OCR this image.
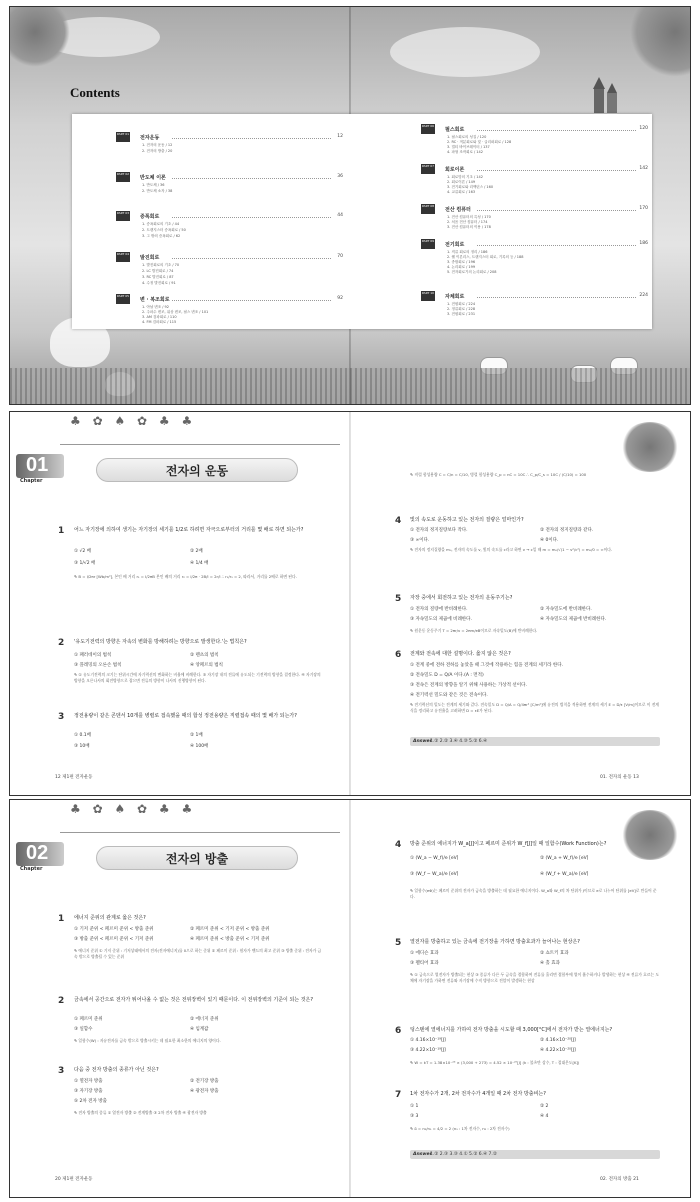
Contents
PART 01
전자운동	12
1. 전자의 운동 / 12
2. 전자의 방출 / 20
PART 02
반도체 이론	36
1. 반도체 / 36
2. 반도체 소자 / 38
PART 03
증폭회로	44
1. 증폭회로의 기초 / 44
2. 트랜지스터 증폭회로 / 50
3. 그 밖의 증폭회로 / 62
PART 04
발진회로	70
1. 발진회로의 기초 / 70
2. LC 발진회로 / 74
3. RC 발진회로 / 87
4. 수정 발진회로 / 91
PART 05
변 · 복조회로	92
1. 아날 변조 / 92
2. 주파수 변조, 위상 변조, 펄스 변조 / 101
3. AM 검파회로 / 110
4. FM 검파회로 / 115
PART 06
펄스회로	120
1. 펄스회로의 성질 / 120
2. RC · 적분회로와 및 · 클리퍼회로 / 128
3. 멀티 바이브레이터 / 137
4. 파형 조작회로 / 142
PART 07
회로이론	142
1. 회로망의 기초 / 142
2. 회로이론 / 149
3. 전기회로와 리액턴스 / 160
4. 교류회로 / 163
PART 08
전산 컴퓨터	170
1. 전산 컴퓨터의 특성 / 170
2. 처음 전산 컴퓨터 / 174
3. 전산 컴퓨터의 이용 / 178
PART 09
전기회로	186
1. 직류 회로의 정리 / 186
2. 웰 이론리스, 트랜지스터 회로, 기록의 등 / 188
3. 종합회로 / 196
4. 논리회로 / 199
5. 전자회로기의 논리회로 / 208
PART 10
자체회로	224
1. 전원회로 / 224
2. 정류회로 / 228
3. 전원회로 / 231
♣ ✿ ♠ ✿ ♣ ♣
01
Chapter
전자의 운동
1 어느 자기장에 의하여 생기는 자기장의 세기를 1/2로 하려면 자극으로부터의 거리를 몇 배로 하면 되는가?
① √2 배	② 2배
③ 1/√2 배	④ 1/4 배
✎ B = I/2πr [Wb/m²], 본인 배 거리 r₁ = I/2πB 본인 배의 거리 r₂ = I/2π · 2B/I = 2r/I ∴ r₂/r₁ = 2, 따라서, 거리를 2배로 하면 된다.
2 '유도기전력의 방향은 자속의 변화를 방해하려는 방향으로 발생한다.'는 법칙은?
① 패러데이의 법칙	② 렌츠의 법칙
③ 플레밍의 오른손 법칙	④ 앙페르의 법칙
✎ ① 유도기전력의 크기는 단위시간에 자기력선의 변화하는 비율에 비례한다. ③ 자기장 내의 전류에 유도되는 기전력의 방향을 결정한다. ④ 자기장의 방향을 오른나사의 회전방향으로 잡으면 전류의 방향이 나사의 진행방향이 된다.
3 정전용량이 같은 콘덴서 10개를 병렬로 접속했을 때의 합성 정전용량은 직렬접속 때의 몇 배가 되는가?
① 0.1배	② 1배
③ 10배	④ 100배
12 제1편 전자운동
✎ 직렬 합성용량 C = C/n = C/10, 병렬 합성용량 C_p = nC = 10C ∴ C_p/C_s = 10C / (C/10) = 100
4 빛의 속도로 운동하고 있는 전자의 질량은 얼마인가?
① 전자의 정지질량보다 작다.	② 전자의 정지질량과 같다.
③ ∞이다.	④ 0이다.
✎ 전자의 정지질량을 m₀, 전자의 속도를 v, 빛의 속도를 c라고 하면 v → c일 때 m = m₀/√(1 − v²/c²) = m₀/0 = ∞이다.
5 자장 중에서 회전하고 있는 전자의 운동주기는?
① 전자의 질량에 반비례한다.	② 자속밀도에 반비례한다.
③ 자속밀도의 제곱에 비례한다.	④ 자속밀도의 제곱에 반비례한다.
✎ 원운동 운동주기 T = 2πr/v = 2πm/eB이므로 자속밀도(B)에 반비례한다.
6 전계와 전속에 대한 설명이다. 옳지 않은 것은?
① 전계 중에 전하 전하를 놓았을 때 그것에 작용하는 힘을 전계의 세기라 한다.
② 전속밀도 D = Q/A 이다.(A : 면적)
③ 전속은 전계의 방향을 알기 위해 사용하는 가상적 선이다.
④ 전기력선 밀도와 같은 것은 전속이다.
✎ 전기력선의 밀도는 전계의 세기와 같다. 전속밀도 D = Q/A = Q/4πr² [C/m²]에 유전의 법칙을 적용하면 전계의 세기 E = D/ε [V/m]이므로 이 전계식을 정리하고 유전율을 고려하면 D = εE가 된다.
Answer
1.② 2.② 3.④ 4.③ 5.② 6.④
01. 전자의 운동 13
♣ ✿ ♠ ✿ ♣ ♣
02
Chapter
전자의 방출
1 에너지 준위의 관계로 옳은 것은?
① 기저 준위 < 페르미 준위 < 방출 준위	② 페르미 준위 < 기저 준위 < 방출 준위
③ 방출 준위 < 페르미 준위 < 기저 준위	④ 페르미 준위 < 방출 준위 < 기저 준위
✎ 에너지 준위 ① 기저 준위 : 기저상태에서의 전자(전자에너지)를 0으로 하는 준위 ② 페르미 준위 : 원자가 밴드의 최고 준위 ③ 방출 준위 : 전자가 금속 밖으로 방출될 수 있는 준위
2 금속에서 공간으로 전자가 튀어나올 수 없는 것은 전위장벽이 있기 때문이다. 이 전위장벽의 기준이 되는 것은?
① 페르미 준위	② 에너지 준위
③ 일함수	④ 임계값
✎ 일함수(W) : 자유전자를 금속 밖으로 방출시키는 데 필요한 최소한의 에너지의 양이다.
3 다음 중 전자 방출의 종류가 아닌 것은?
① 열전자 방출	② 전기장 방출
③ 자기장 방출	④ 광전자 방출
⑤ 2차 전자 방출
✎ 전자 방출의 종류 ① 열전자 방출 ② 전계방출 ③ 2차 전자 방출 ④ 광전자 방출
20 제1편 전자운동
4 방출 준위의 에너지가 W_a[J]이고 페르미 준위가 W_f[J]일 때 일함수(Work Function)는?
① (W_a − W_f)/e [eV]	② (W_a + W_f)/e [eV]
③ (W_f − W_a)/e [eV]	④ (W_f + W_a)/e [eV]
✎ 일함수(eΦ)는 페르미 준위의 전자가 금속을 방출하는 데 필요한 에너지이다. W_a와 W_f의 차 단위가 J이므로 e로 나누어 단위를 [eV]로 만들어 준다.
5 열전자를 방출하고 있는 금속에 전기장을 가하면 방출효과가 늘어나는 현상은?
① 에디슨 효과	② 쇼트키 효과
③ 펠티어 효과	④ 홀 효과
✎ ① 금속으로 열전자가 방출되는 현상 ③ 종류가 다른 두 금속을 접합하여 전류를 흘리면 접합부에 열이 흡수하거나 발생하는 현상 ④ 전류가 흐르는 도체에 자기장을 가하면 전류와 자기장에 수직 방향으로 전압이 발생하는 현상
6 텅스텐에 열에너지를 가하여 전자 방출을 시도할 때 3,000[°C]에서 전자가 받는 열에너지는?
① 4.16×10⁻¹⁹[J]	② 4.16×10⁻²⁰[J]
③ 4.22×10⁻¹⁹[J]	④ 4.22×10⁻²⁰[J]
✎ W = kT = 1.38×10⁻²³ × (3,000 + 273) = 4.52 × 10⁻²⁰[J] (k : 볼츠만 상수, T : 절대온도[K])
7 1차 전자수가 2개, 2차 전자수가 4개일 때 2차 전자 방출비는?
① 1	② 2
③ 3	④ 4
✎ δ = n₂/n₁ = 4/2 = 2 (n₁ : 1차 전자수, n₂ : 2차 전자수)
Answer
1.② 2.③ 3.③ 4.① 5.② 6.④ 7.②
02. 전자의 방출 21
